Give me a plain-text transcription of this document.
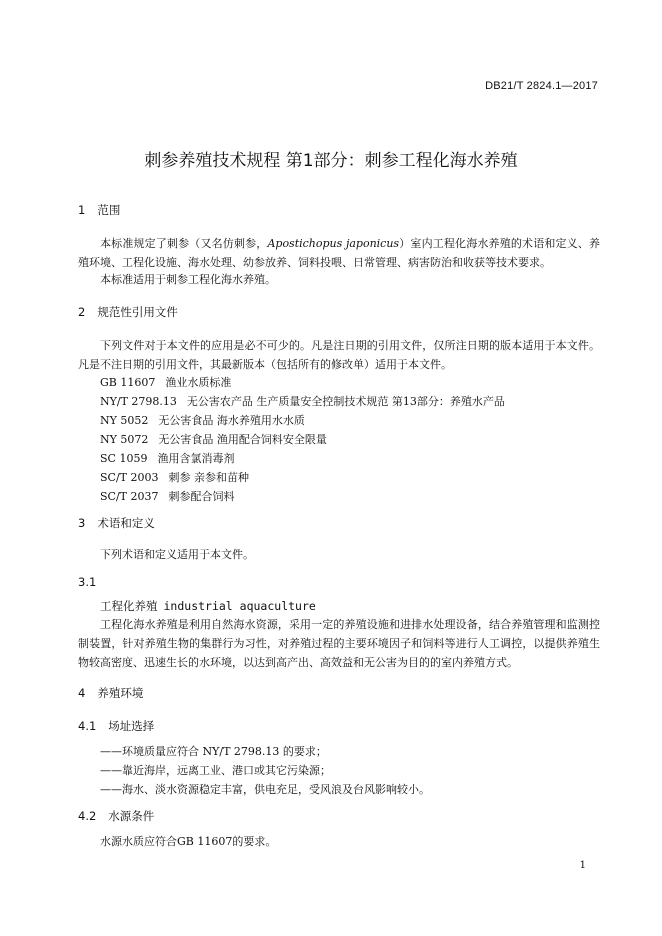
DB21/T 2824.1—2017
刺参养殖技术规程 第1部分：刺参工程化海水养殖
1 范围
本标准规定了刺参（又名仿刺参，Apostichopus japonicus）室内工程化海水养殖的术语和定义、养殖环境、工程化设施、海水处理、幼参放养、饲料投喂、日常管理、病害防治和收获等技术要求。
本标准适用于刺参工程化海水养殖。
2 规范性引用文件
下列文件对于本文件的应用是必不可少的。凡是注日期的引用文件，仅所注日期的版本适用于本文件。凡是不注日期的引用文件，其最新版本（包括所有的修改单）适用于本文件。
GB 11607 渔业水质标准
NY/T 2798.13 无公害农产品 生产质量安全控制技术规范 第13部分：养殖水产品
NY 5052 无公害食品 海水养殖用水水质
NY 5072 无公害食品 渔用配合饲料安全限量
SC 1059 渔用含氯消毒剂
SC/T 2003 刺参 亲参和苗种
SC/T 2037 刺参配合饲料
3 术语和定义
下列术语和定义适用于本文件。
3.1
工程化养殖 industrial aquaculture
工程化海水养殖是利用自然海水资源，采用一定的养殖设施和进排水处理设备，结合养殖管理和监测控制装置，针对养殖生物的集群行为习性，对养殖过程的主要环境因子和饲料等进行人工调控，以提供养殖生物较高密度、迅速生长的水环境，以达到高产出、高效益和无公害为目的的室内养殖方式。
4 养殖环境
4.1 场址选择
——环境质量应符合 NY/T 2798.13 的要求；
——靠近海岸，远离工业、港口或其它污染源；
——海水、淡水资源稳定丰富，供电充足，受风浪及台风影响较小。
4.2 水源条件
水源水质应符合GB 11607的要求。
1
